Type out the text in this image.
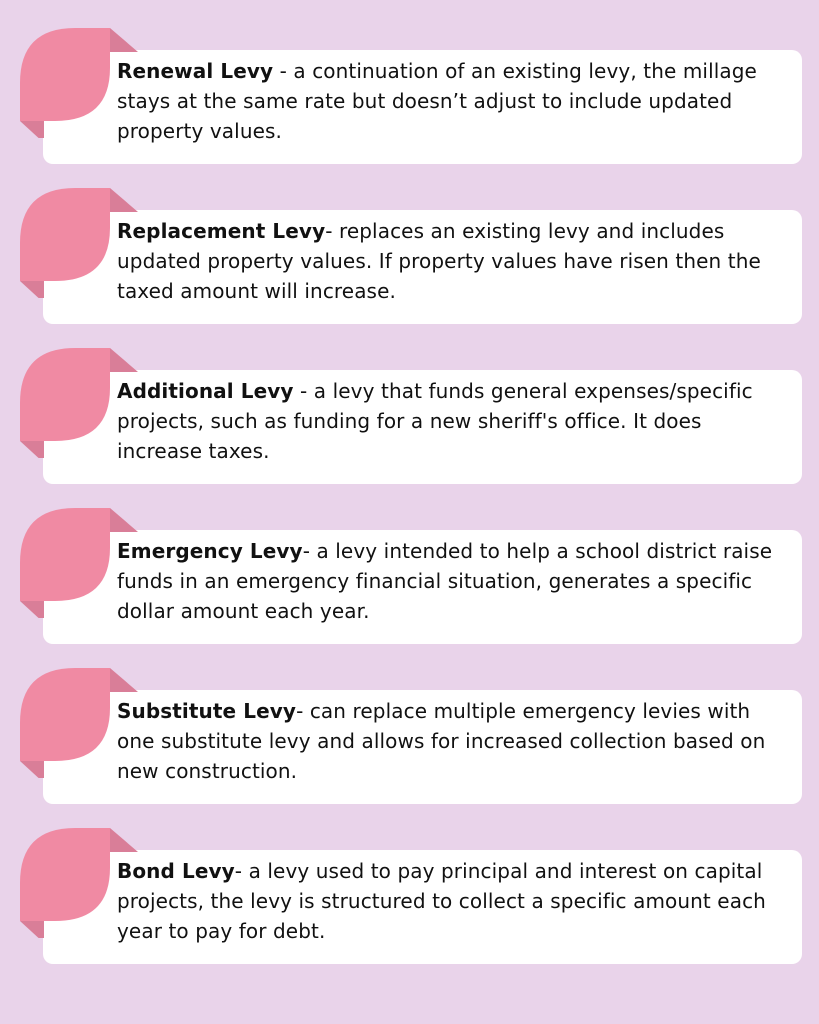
Renewal Levy - a continuation of an existing levy, the millage stays at the same rate but doesn’t adjust to include updated property values.
Replacement Levy- replaces an existing levy and includes updated property values. If property values have risen then the taxed amount will increase.
Additional Levy - a levy that funds general expenses/specific projects, such as funding for a new sheriff's office. It does increase taxes.
Emergency Levy- a levy intended to help a school district raise funds in an emergency financial situation, generates a specific dollar amount each year.
Substitute Levy- can replace multiple emergency levies with one substitute levy and allows for increased collection based on new construction.
Bond Levy- a levy used to pay principal and interest on capital projects, the levy is structured to collect a specific amount each year to pay for debt.
